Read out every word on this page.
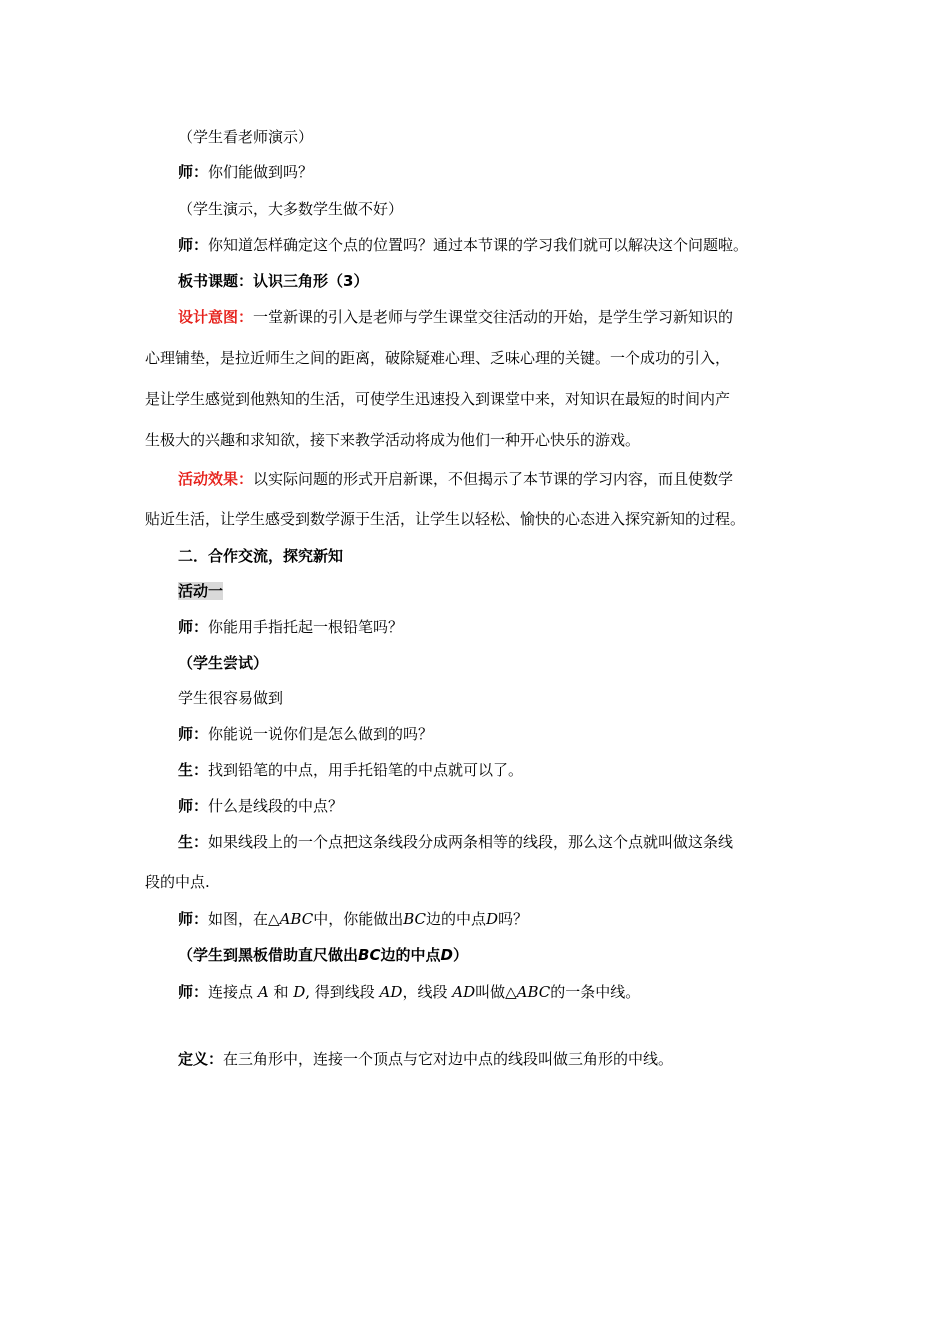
（学生看老师演示）
师：你们能做到吗？
（学生演示，大多数学生做不好）
师：你知道怎样确定这个点的位置吗？通过本节课的学习我们就可以解决这个问题啦。
板书课题：认识三角形（3）
设计意图：一堂新课的引入是老师与学生课堂交往活动的开始，是学生学习新知识的
心理铺垫，是拉近师生之间的距离，破除疑难心理、乏味心理的关键。一个成功的引入，
是让学生感觉到他熟知的生活，可使学生迅速投入到课堂中来，对知识在最短的时间内产
生极大的兴趣和求知欲，接下来教学活动将成为他们一种开心快乐的游戏。
活动效果：以实际问题的形式开启新课，不但揭示了本节课的学习内容，而且使数学
贴近生活，让学生感受到数学源于生活，让学生以轻松、愉快的心态进入探究新知的过程。
二．合作交流，探究新知
活动一
师：你能用手指托起一根铅笔吗？
（学生尝试）
学生很容易做到
师：你能说一说你们是怎么做到的吗？
生：找到铅笔的中点，用手托铅笔的中点就可以了。
师：什么是线段的中点？
生：如果线段上的一个点把这条线段分成两条相等的线段，那么这个点就叫做这条线
段的中点.
师：如图，在△ABC中，你能做出BC边的中点D吗？
（学生到黑板借助直尺做出BC边的中点D）
师：连接点 A 和 D, 得到线段 AD，线段 AD叫做△ABC的一条中线。
定义：在三角形中，连接一个顶点与它对边中点的线段叫做三角形的中线。
